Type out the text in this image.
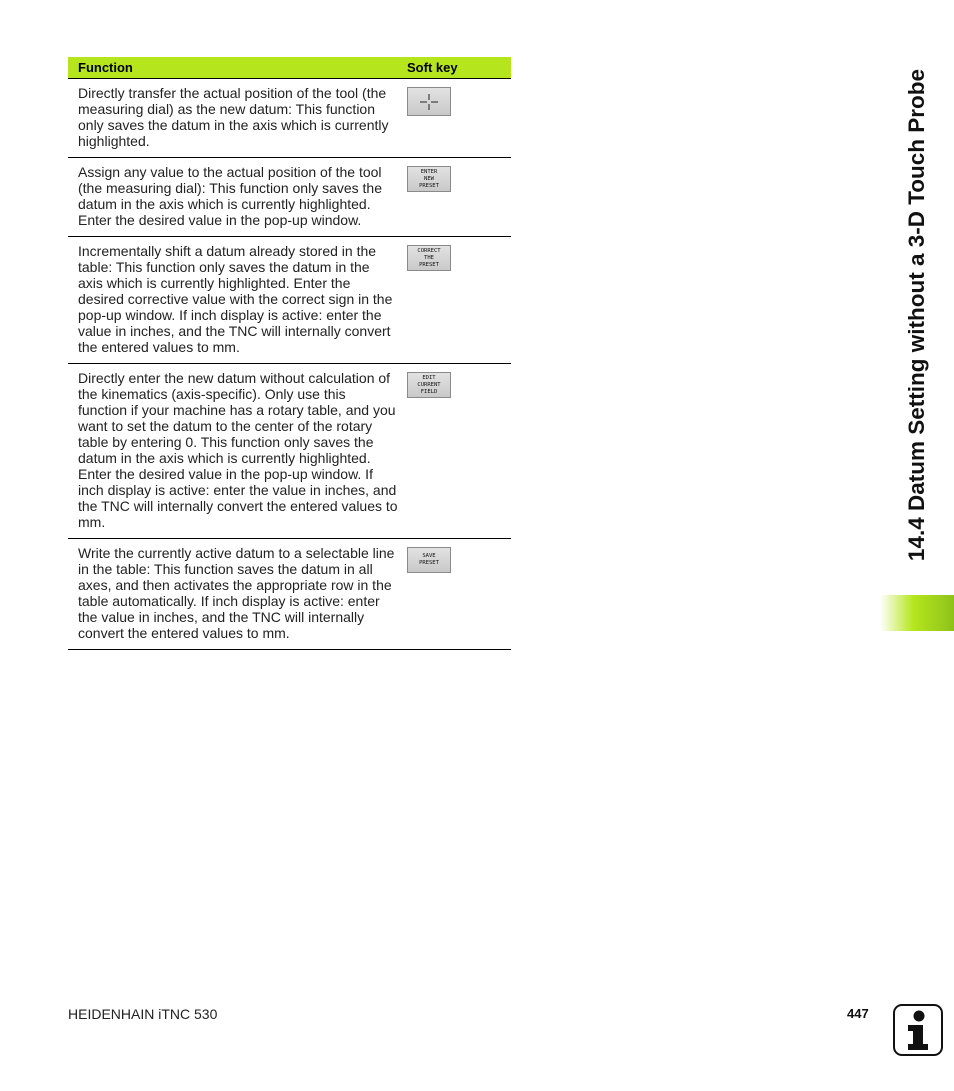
Function	Soft key
Directly transfer the actual position of the tool (the measuring dial) as the new datum: This function only saves the datum in the axis which is currently highlighted.
Assign any value to the actual position of the tool (the measuring dial): This function only saves the datum in the axis which is currently highlighted. Enter the desired value in the pop-up window.
ENTER
NEW
PRESET
Incrementally shift a datum already stored in the table: This function only saves the datum in the axis which is currently highlighted. Enter the desired corrective value with the correct sign in the pop-up window. If inch display is active: enter the value in inches, and the TNC will internally convert the entered values to mm.
CORRECT
THE
PRESET
Directly enter the new datum without calculation of the kinematics (axis-specific). Only use this function if your machine has a rotary table, and you want to set the datum to the center of the rotary table by entering 0. This function only saves the datum in the axis which is currently highlighted. Enter the desired value in the pop-up window. If inch display is active: enter the value in inches, and the TNC will internally convert the entered values to mm.
EDIT
CURRENT
FIELD
Write the currently active datum to a selectable line in the table: This function saves the datum in all axes, and then activates the appropriate row in the table automatically. If inch display is active: enter the value in inches, and the TNC will internally convert the entered values to mm.
SAVE
PRESET
14.4 Datum Setting without a 3-D Touch Probe
HEIDENHAIN iTNC 530	447
